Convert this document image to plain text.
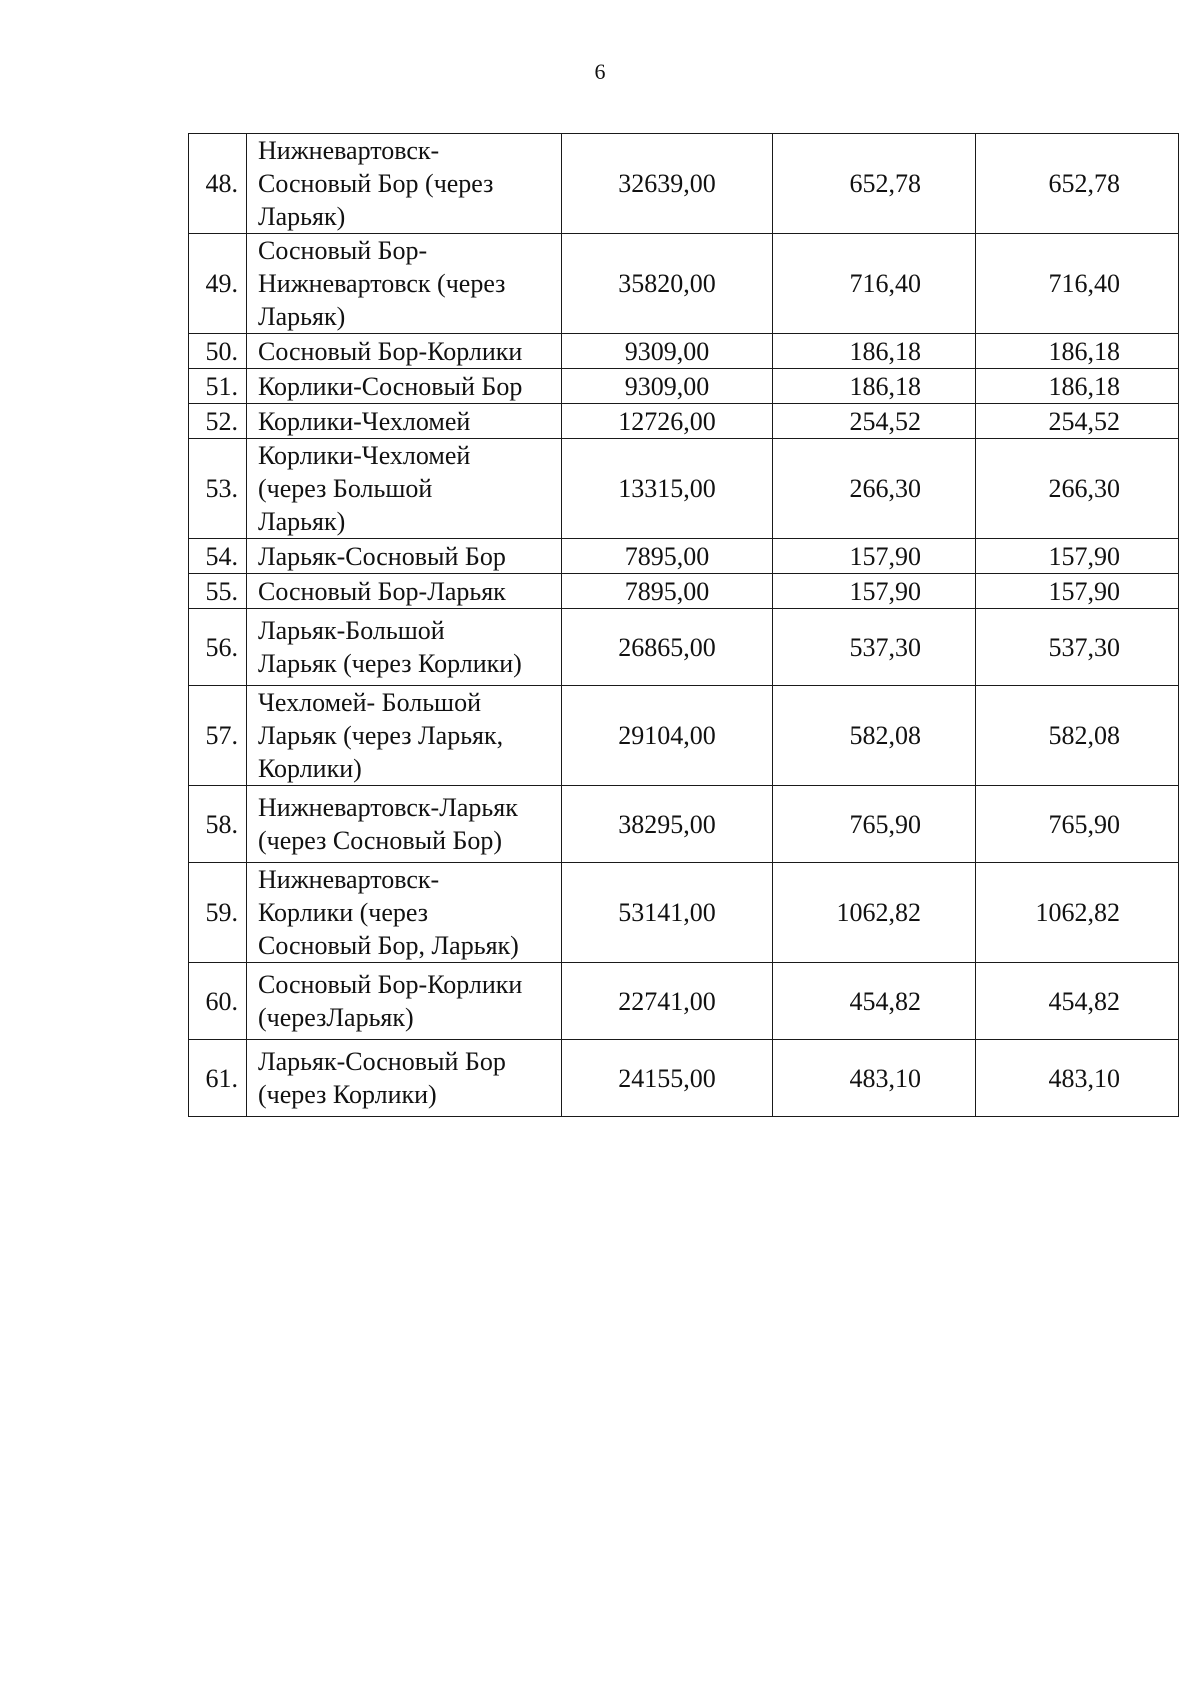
6
48.	Нижневартовск-
Сосновый Бор (через
Ларьяк)	32639,00	652,78	652,78
49.	Сосновый Бор-
Нижневартовск (через
Ларьяк)	35820,00	716,40	716,40
50.	Сосновый Бор-Корлики	9309,00	186,18	186,18
51.	Корлики-Сосновый Бор	9309,00	186,18	186,18
52.	Корлики-Чехломей	12726,00	254,52	254,52
53.	Корлики-Чехломей
(через Большой
Ларьяк)	13315,00	266,30	266,30
54.	Ларьяк-Сосновый Бор	7895,00	157,90	157,90
55.	Сосновый Бор-Ларьяк	7895,00	157,90	157,90
56.	Ларьяк-Большой
Ларьяк (через Корлики)	26865,00	537,30	537,30
57.	Чехломей- Большой
Ларьяк (через Ларьяк,
Корлики)	29104,00	582,08	582,08
58.	Нижневартовск-Ларьяк
(через Сосновый Бор)	38295,00	765,90	765,90
59.	Нижневартовск-
Корлики (через
Сосновый Бор, Ларьяк)	53141,00	1062,82	1062,82
60.	Сосновый Бор-Корлики
(черезЛарьяк)	22741,00	454,82	454,82
61.	Ларьяк-Сосновый Бор
(через Корлики)	24155,00	483,10	483,10
